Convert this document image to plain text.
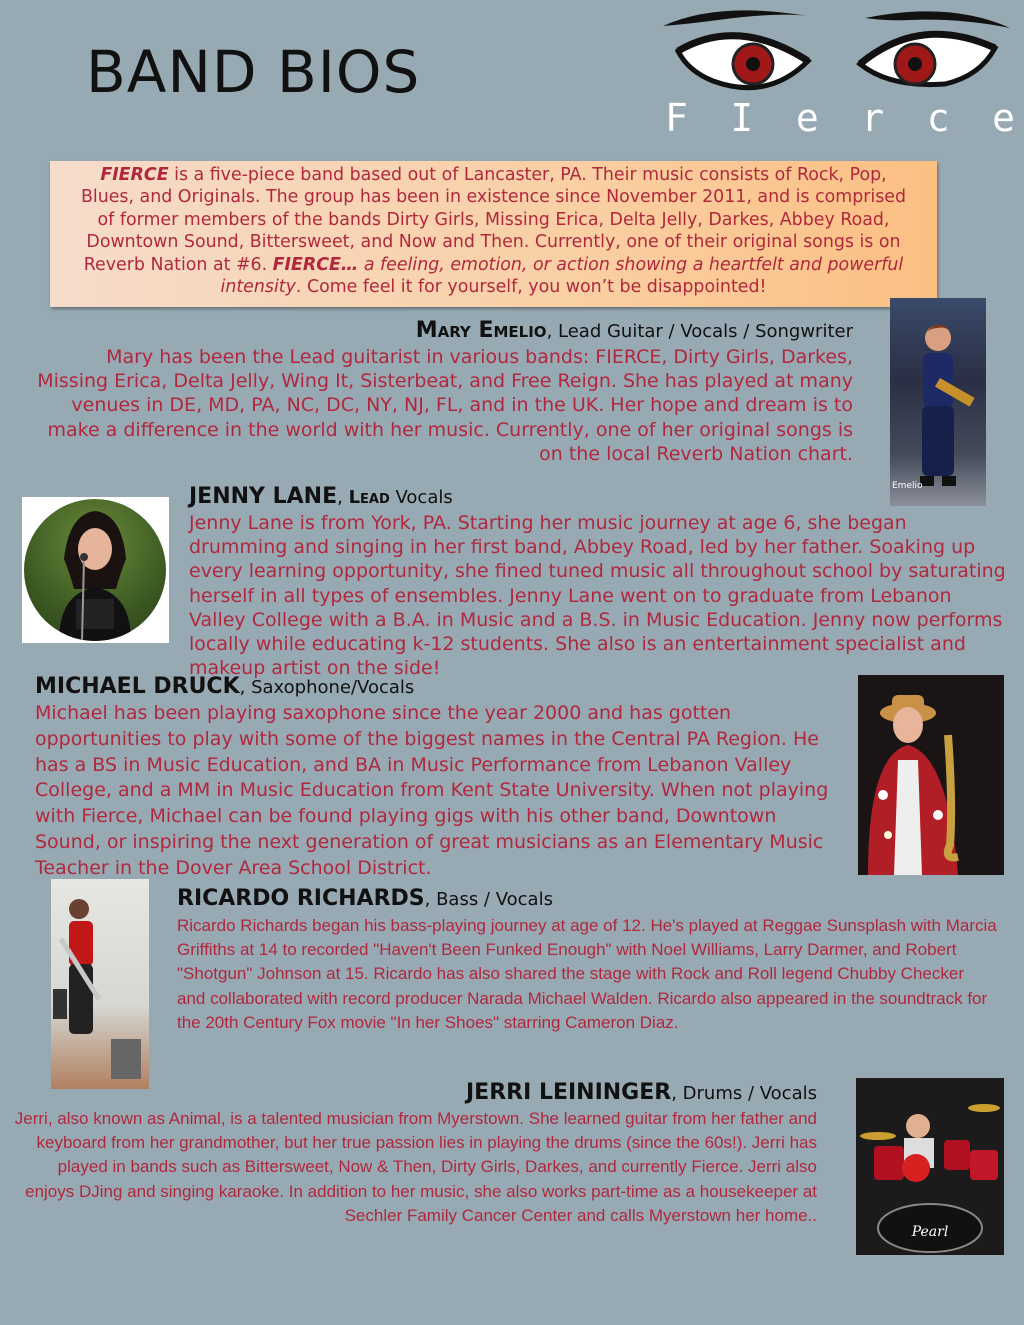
BAND BIOS
F I e r c e
FIERCE is a five-piece band based out of Lancaster, PA. Their music consists of Rock, Pop, Blues, and Originals. The group has been in existence since November 2011, and is comprised of former members of the bands Dirty Girls, Missing Erica, Delta Jelly, Darkes, Abbey Road, Downtown Sound, Bittersweet, and Now and Then. Currently, one of their original songs is on Reverb Nation at #6. FIERCE… a feeling, emotion, or action showing a heartfelt and powerful intensity. Come feel it for yourself, you won’t be disappointed!
Mary Emelio, Lead Guitar / Vocals / Songwriter
Mary has been the Lead guitarist in various bands: FIERCE, Dirty Girls, Darkes, Missing Erica, Delta Jelly, Wing It, Sisterbeat, and Free Reign. She has played at many venues in DE, MD, PA, NC, DC, NY, NJ, FL, and in the UK. Her hope and dream is to make a difference in the world with her music. Currently, one of her original songs is on the local Reverb Nation chart.
Emelio
JENNY LANE, Lead Vocals
Jenny Lane is from York, PA. Starting her music journey at age 6, she began drumming and singing in her first band, Abbey Road, led by her father. Soaking up every learning opportunity, she fined tuned music all throughout school by saturating herself in all types of ensembles. Jenny Lane went on to graduate from Lebanon Valley College with a B.A. in Music and a B.S. in Music Education. Jenny now performs locally while educating k-12 students. She also is an entertainment specialist and makeup artist on the side!
MICHAEL DRUCK, Saxophone/Vocals
Michael has been playing saxophone since the year 2000 and has gotten opportunities to play with some of the biggest names in the Central PA Region. He has a BS in Music Education, and BA in Music Performance from Lebanon Valley College, and a MM in Music Education from Kent State University. When not playing with Fierce, Michael can be found playing gigs with his other band, Downtown Sound, or inspiring the next generation of great musicians as an Elementary Music Teacher in the Dover Area School District.
RICARDO RICHARDS, Bass / Vocals
Ricardo Richards began his bass-playing journey at age of 12. He's played at Reggae Sunsplash with Marcia Griffiths at 14 to recorded "Haven't Been Funked Enough" with Noel Williams, Larry Darmer, and Robert "Shotgun" Johnson at 15. Ricardo has also shared the stage with Rock and Roll legend Chubby Checker and collaborated with record producer Narada Michael Walden. Ricardo also appeared in the soundtrack for the 20th Century Fox movie "In her Shoes" starring Cameron Diaz.
JERRI LEININGER, Drums / Vocals
Jerri, also known as Animal, is a talented musician from Myerstown. She learned guitar from her father and keyboard from her grandmother, but her true passion lies in playing the drums (since the 60s!). Jerri has played in bands such as Bittersweet, Now & Then, Dirty Girls, Darkes, and currently Fierce. Jerri also enjoys DJing and singing karaoke. In addition to her music, she also works part-time as a housekeeper at Sechler Family Cancer Center and calls Myerstown her home..
Pearl
